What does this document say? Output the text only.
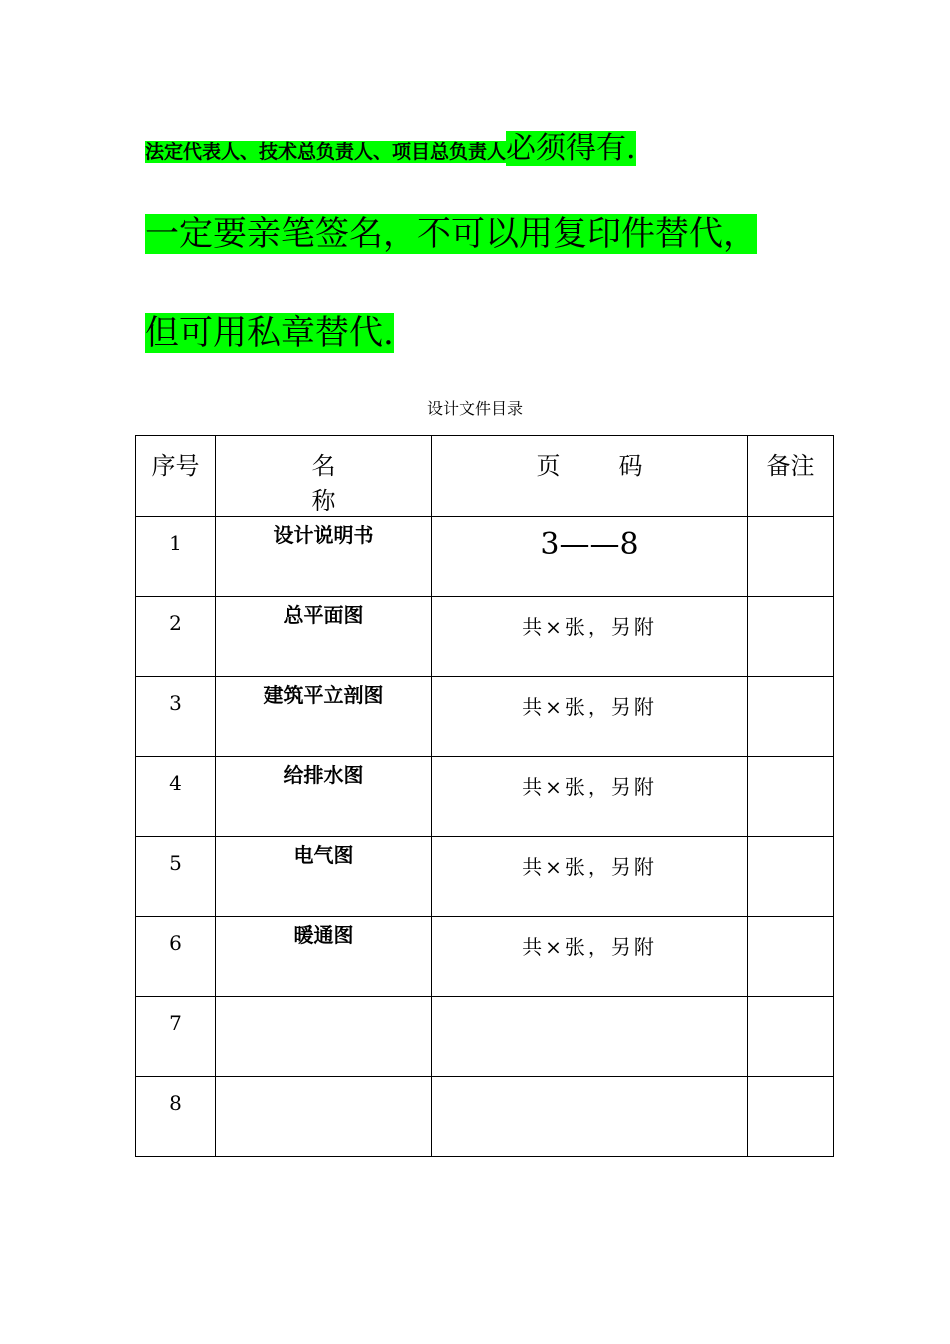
法定代表人、技术总负责人、项目总负责人必须得有.
一定要亲笔签名，不可以用复印件替代，
但可用私章替代.
设计文件目录
序号	名称	页码	备注

1	设计说明书	3——8	

2	总平面图	共×张，另附	

3	建筑平立剖图	共×张，另附	

4	给排水图	共×张，另附	

5	电气图	共×张，另附	

6	暖通图	共×张，另附	

7			

8			
